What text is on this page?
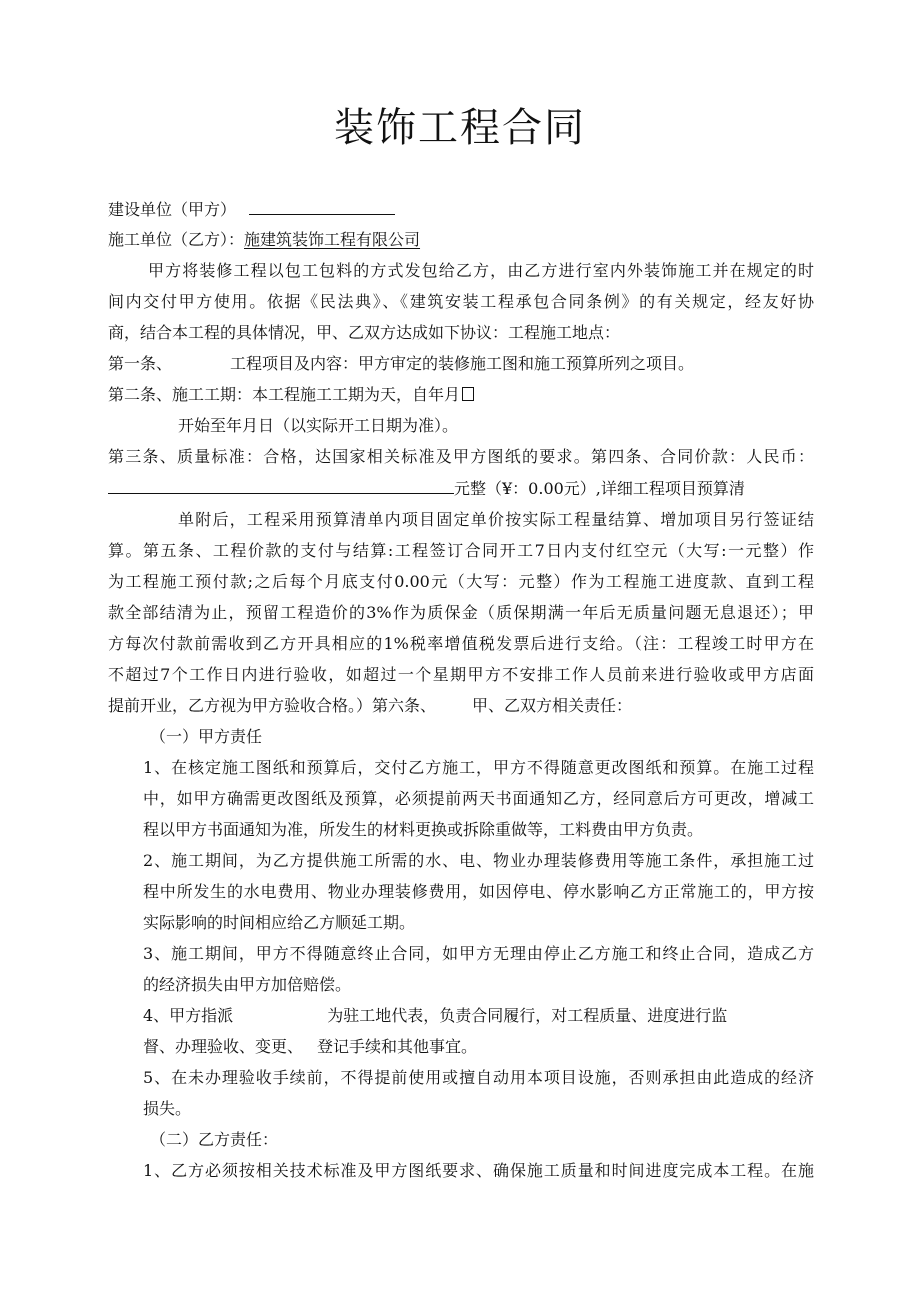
装饰工程合同
建设单位（甲方）
施工单位（乙方）：施建筑装饰工程有限公司
甲方将装修工程以包工包料的方式发包给乙方，由乙方进行室内外装饰施工并在规定的时
间内交付甲方使用。依据《民法典》、《建筑安装工程承包合同条例》的有关规定，经友好协
商，结合本工程的具体情况，甲、乙双方达成如下协议：工程施工地点：
第一条、	工程项目及内容：甲方审定的装修施工图和施工预算所列之项目。
第二条、施工工期：本工程施工工期为天，自年月
开始至年月日（以实际开工日期为准）。
第三条、质量标准：合格，达国家相关标准及甲方图纸的要求。第四条、合同价款：人民币：
元整（¥：0.00元）,详细工程项目预算清
单附后，工程采用预算清单内项目固定单价按实际工程量结算、增加项目另行签证结
算。第五条、工程价款的支付与结算:工程签订合同开工7日内支付红空元（大写:一元整）作
为工程施工预付款;之后每个月底支付0.00元（大写：元整）作为工程施工进度款、直到工程
款全部结清为止，预留工程造价的3%作为质保金（质保期满一年后无质量问题无息退还）；甲
方每次付款前需收到乙方开具相应的1%税率增值税发票后进行支给。（注：工程竣工时甲方在
不超过7个工作日内进行验收，如超过一个星期甲方不安排工作人员前来进行验收或甲方店面
提前开业，乙方视为甲方验收合格。）第六条、 甲、乙双方相关责任：
（一）甲方责任
1、在核定施工图纸和预算后，交付乙方施工，甲方不得随意更改图纸和预算。在施工过程
中，如甲方确需更改图纸及预算，必须提前两天书面通知乙方，经同意后方可更改，增减工
程以甲方书面通知为准，所发生的材料更换或拆除重做等，工料费由甲方负责。
2、施工期间，为乙方提供施工所需的水、电、物业办理装修费用等施工条件，承担施工过
程中所发生的水电费用、物业办理装修费用，如因停电、停水影响乙方正常施工的，甲方按
实际影响的时间相应给乙方顺延工期。
3、施工期间，甲方不得随意终止合同，如甲方无理由停止乙方施工和终止合同，造成乙方
的经济损失由甲方加倍赔偿。
4、甲方指派	为驻工地代表，负责合同履行，对工程质量、进度进行监
督、办理验收、变更、 登记手续和其他事宜。
5、在未办理验收手续前，不得提前使用或擅自动用本项目设施，否则承担由此造成的经济
损失。
（二）乙方责任：
1、乙方必须按相关技术标准及甲方图纸要求、确保施工质量和时间进度完成本工程。在施
